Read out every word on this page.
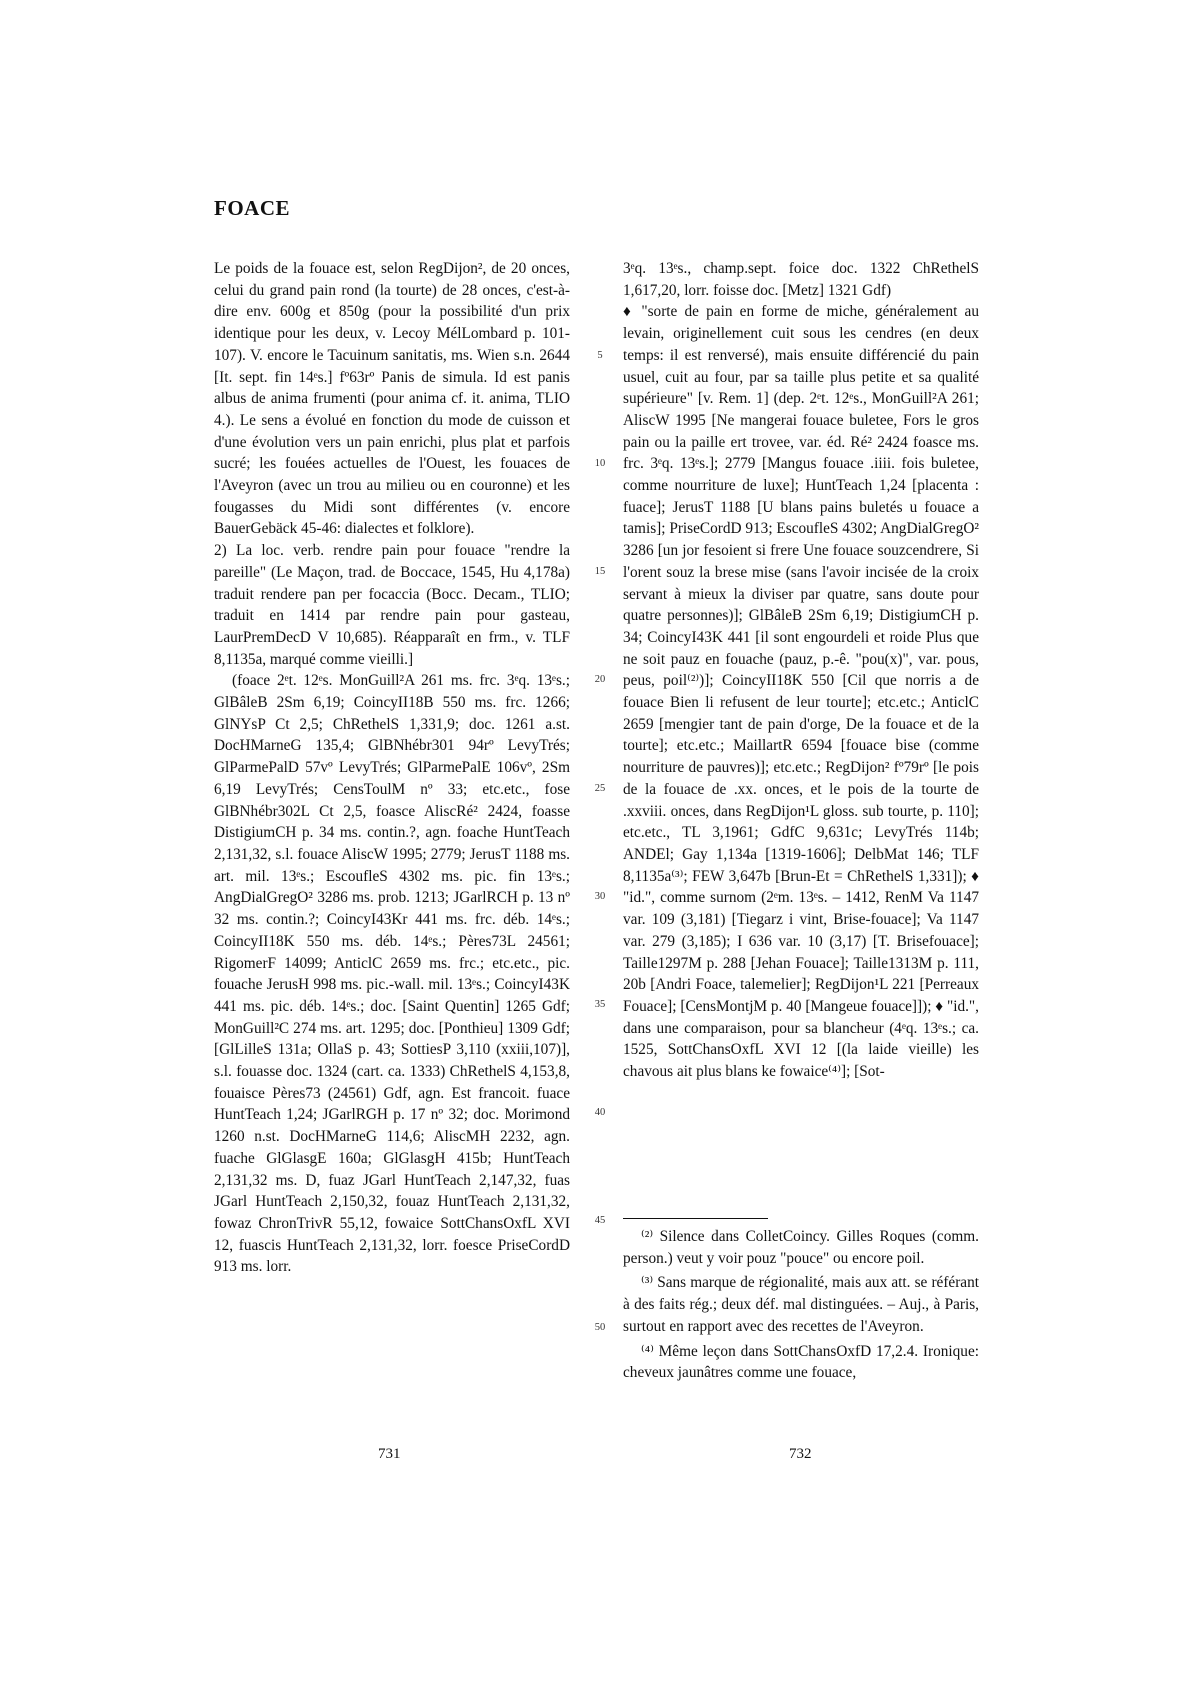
FOACE

Le poids de la fouace est, selon RegDijon², de 20 onces, celui du grand pain rond (la tourte) de 28 onces, c'est-à-dire env. 600g et 850g (pour la possibilité d'un prix identique pour les deux, v. Lecoy MélLombard p. 101-107). V. encore le Tacuinum sanitatis, ms. Wien s.n. 2644 [It. sept. fin 14ᵉs.] fº63rº Panis de simula. Id est panis albus de anima frumenti (pour anima cf. it. anima, TLIO 4.). Le sens a évolué en fonction du mode de cuisson et d'une évolution vers un pain enrichi, plus plat et parfois sucré; les fouées actuelles de l'Ouest, les fouaces de l'Aveyron (avec un trou au milieu ou en couronne) et les fougasses du Midi sont différentes (v. encore BauerGebäck 45-46: dialectes et folklore).

2) La loc. verb. rendre pain pour fouace "rendre la pareille" (Le Maçon, trad. de Boccace, 1545, Hu 4,178a) traduit rendere pan per focaccia (Bocc. Decam., TLIO; traduit en 1414 par rendre pain pour gasteau, LaurPremDecD V 10,685). Réapparaît en frm., v. TLF 8,1135a, marqué comme vieilli.]

(foace 2ᵉt. 12ᵉs. MonGuill²A 261 ms. frc. 3ᵉq. 13ᵉs.; GlBâleB 2Sm 6,19; CoincyII18B 550 ms. frc. 1266; GlNYsP Ct 2,5; ChRethelS 1,331,9; doc. 1261 a.st. DocHMarneG 135,4; GlBNhébr301 94rº LevyTrés; GlParmePalD 57vº LevyTrés; GlParmePalE 106vº, 2Sm 6,19 LevyTrés; CensToulM nº 33; etc.etc., fose GlBNhébr302L Ct 2,5, foasce AliscRé² 2424, foasse DistigiumCH p. 34 ms. contin.?, agn. foache HuntTeach 2,131,32, s.l. fouace AliscW 1995; 2779; JerusT 1188 ms. art. mil. 13ᵉs.; EscoufleS 4302 ms. pic. fin 13ᵉs.; AngDialGregO² 3286 ms. prob. 1213; JGarlRCH p. 13 nº 32 ms. contin.?; CoincyI43Kr 441 ms. frc. déb. 14ᵉs.; CoincyII18K 550 ms. déb. 14ᵉs.; Pères73L 24561; RigomerF 14099; AnticlC 2659 ms. frc.; etc.etc., pic. fouache JerusH 998 ms. pic.-wall. mil. 13ᵉs.; CoincyI43K 441 ms. pic. déb. 14ᵉs.; doc. [Saint Quentin] 1265 Gdf; MonGuill²C 274 ms. art. 1295; doc. [Ponthieu] 1309 Gdf; [GlLilleS 131a; OllaS p. 43; SottiesP 3,110 (xxiii,107)], s.l. fouasse doc. 1324 (cart. ca. 1333) ChRethelS 4,153,8, fouaisce Pères73 (24561) Gdf, agn. Est francoit. fuace HuntTeach 1,24; JGarlRGH p. 17 nº 32; doc. Morimond 1260 n.st. DocHMarneG 114,6; AliscMH 2232, agn. fuache GlGlasgE 160a; GlGlasgH 415b; HuntTeach 2,131,32 ms. D, fuaz JGarl HuntTeach 2,147,32, fuas JGarl HuntTeach 2,150,32, fouaz HuntTeach 2,131,32, fowaz ChronTrivR 55,12, fowaice SottChansOxfL XVI 12, fuascis HuntTeach 2,131,32, lorr. foesce PriseCordD 913 ms. lorr.

5
10
15
20
25
30
35
40
45
50

3ᵉq. 13ᵉs., champ.sept. foice doc. 1322 ChRethelS 1,617,20, lorr. foisse doc. [Metz] 1321 Gdf)

♦ "sorte de pain en forme de miche, généralement au levain, originellement cuit sous les cendres (en deux temps: il est renversé), mais ensuite différencié du pain usuel, cuit au four, par sa taille plus petite et sa qualité supérieure" [v. Rem. 1] (dep. 2ᵉt. 12ᵉs., MonGuill²A 261; AliscW 1995 [Ne mangerai fouace buletee, Fors le gros pain ou la paille ert trovee, var. éd. Ré² 2424 foasce ms. frc. 3ᵉq. 13ᵉs.]; 2779 [Mangus fouace .iiii. fois buletee, comme nourriture de luxe]; HuntTeach 1,24 [placenta : fuace]; JerusT 1188 [U blans pains buletés u fouace a tamis]; PriseCordD 913; EscoufleS 4302; AngDialGregO² 3286 [un jor fesoient si frere Une fouace souzcendrere, Si l'orent souz la brese mise (sans l'avoir incisée de la croix servant à mieux la diviser par quatre, sans doute pour quatre personnes)]; GlBâleB 2Sm 6,19; DistigiumCH p. 34; CoincyI43K 441 [il sont engourdeli et roide Plus que ne soit pauz en fouache (pauz, p.-ê. "pou(x)", var. pous, peus, poil⁽²⁾)]; CoincyII18K 550 [Cil que norris a de fouace Bien li refusent de leur tourte]; etc.etc.; AnticlC 2659 [mengier tant de pain d'orge, De la fouace et de la tourte]; etc.etc.; MaillartR 6594 [fouace bise (comme nourriture de pauvres)]; etc.etc.; RegDijon² fº79rº [le pois de la fouace de .xx. onces, et le pois de la tourte de .xxviii. onces, dans RegDijon¹L gloss. sub tourte, p. 110]; etc.etc., TL 3,1961; GdfC 9,631c; LevyTrés 114b; ANDEl; Gay 1,134a [1319-1606]; DelbMat 146; TLF 8,1135a⁽³⁾; FEW 3,647b [Brun-Et = ChRethelS 1,331]); ♦ "id.", comme surnom (2ᵉm. 13ᵉs. – 1412, RenM Va 1147 var. 109 (3,181) [Tiegarz i vint, Brise-fouace]; Va 1147 var. 279 (3,185); I 636 var. 10 (3,17) [T. Brisefouace]; Taille1297M p. 288 [Jehan Fouace]; Taille1313M p. 111, 20b [Andri Foace, talemelier]; RegDijon¹L 221 [Perreaux Fouace]; [CensMontjM p. 40 [Mangeue fouace]]); ♦ "id.", dans une comparaison, pour sa blancheur (4ᵉq. 13ᵉs.; ca. 1525, SottChansOxfL XVI 12 [(la laide vieille) les chavous ait plus blans ke fowaice⁽⁴⁾]; [Sot-

⁽²⁾ Silence dans ColletCoincy. Gilles Roques (comm. person.) veut y voir pouz "pouce" ou encore poil.

⁽³⁾ Sans marque de régionalité, mais aux att. se référant à des faits rég.; deux déf. mal distinguées. – Auj., à Paris, surtout en rapport avec des recettes de l'Aveyron.

⁽⁴⁾ Même leçon dans SottChansOxfD 17,2.4. Ironique: cheveux jaunâtres comme une fouace,

731	732
